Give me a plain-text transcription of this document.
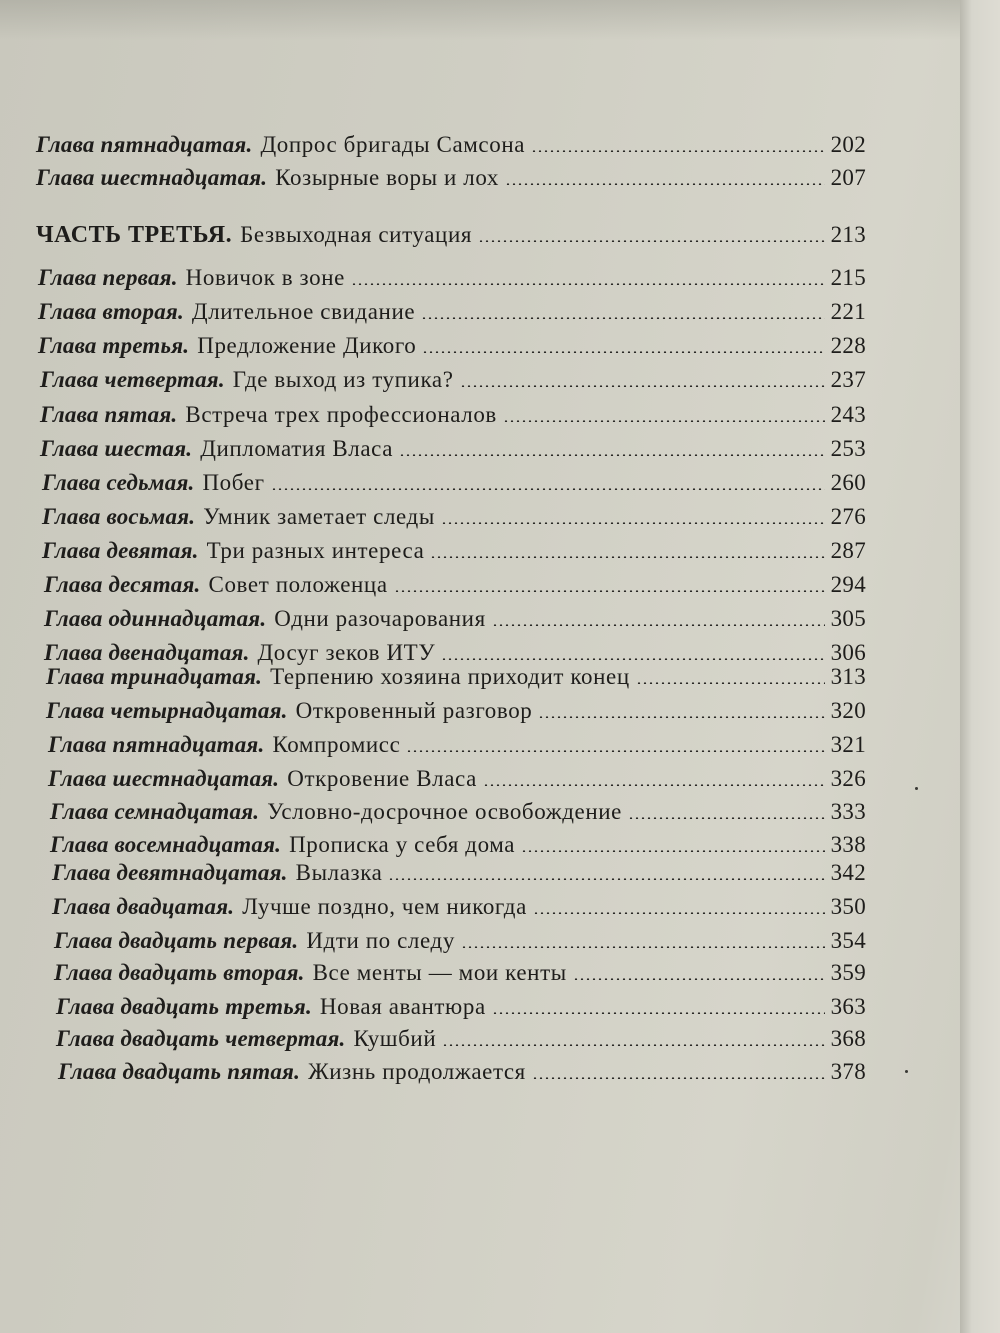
Глава пятнадцатая. Допрос бригады Самсона	202
Глава шестнадцатая. Козырные воры и лох	207
ЧАСТЬ ТРЕТЬЯ. Безвыходная ситуация	213
Глава первая. Новичок в зоне	215
Глава вторая. Длительное свидание	221
Глава третья. Предложение Дикого	228
Глава четвертая. Где выход из тупика?	237
Глава пятая. Встреча трех профессионалов	243
Глава шестая. Дипломатия Власа	253
Глава седьмая. Побег	260
Глава восьмая. Умник заметает следы	276
Глава девятая. Три разных интереса	287
Глава десятая. Совет положенца	294
Глава одиннадцатая. Одни разочарования	305
Глава двенадцатая. Досуг зеков ИТУ	306
Глава тринадцатая. Терпению хозяина приходит конец	313
Глава четырнадцатая. Откровенный разговор	320
Глава пятнадцатая. Компромисс	321
Глава шестнадцатая. Откровение Власа	326
Глава семнадцатая. Условно-досрочное освобождение	333
Глава восемнадцатая. Прописка у себя дома	338
Глава девятнадцатая. Вылазка	342
Глава двадцатая. Лучше поздно, чем никогда	350
Глава двадцать первая. Идти по следу	354
Глава двадцать вторая. Все менты — мои кенты	359
Глава двадцать третья. Новая авантюра	363
Глава двадцать четвертая. Кушбий	368
Глава двадцать пятая. Жизнь продолжается	378
